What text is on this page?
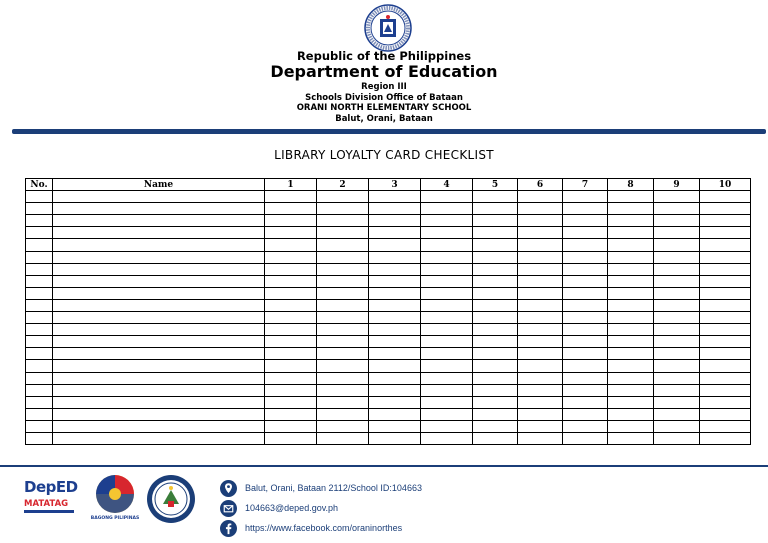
Republic of the Philippines
Department of Education
Region III
Schools Division Office of Bataan
ORANI NORTH ELEMENTARY SCHOOL
Balut, Orani, Bataan
LIBRARY LOYALTY CARD CHECKLIST
No.	Name	1	2	3	4	5	6	7	8	9	10

DepED
MATATAG
BAGONG PILIPINAS
Balut, Orani, Bataan 2112/School ID:104663
104663@deped.gov.ph
https://www.facebook.com/oraninorthes
